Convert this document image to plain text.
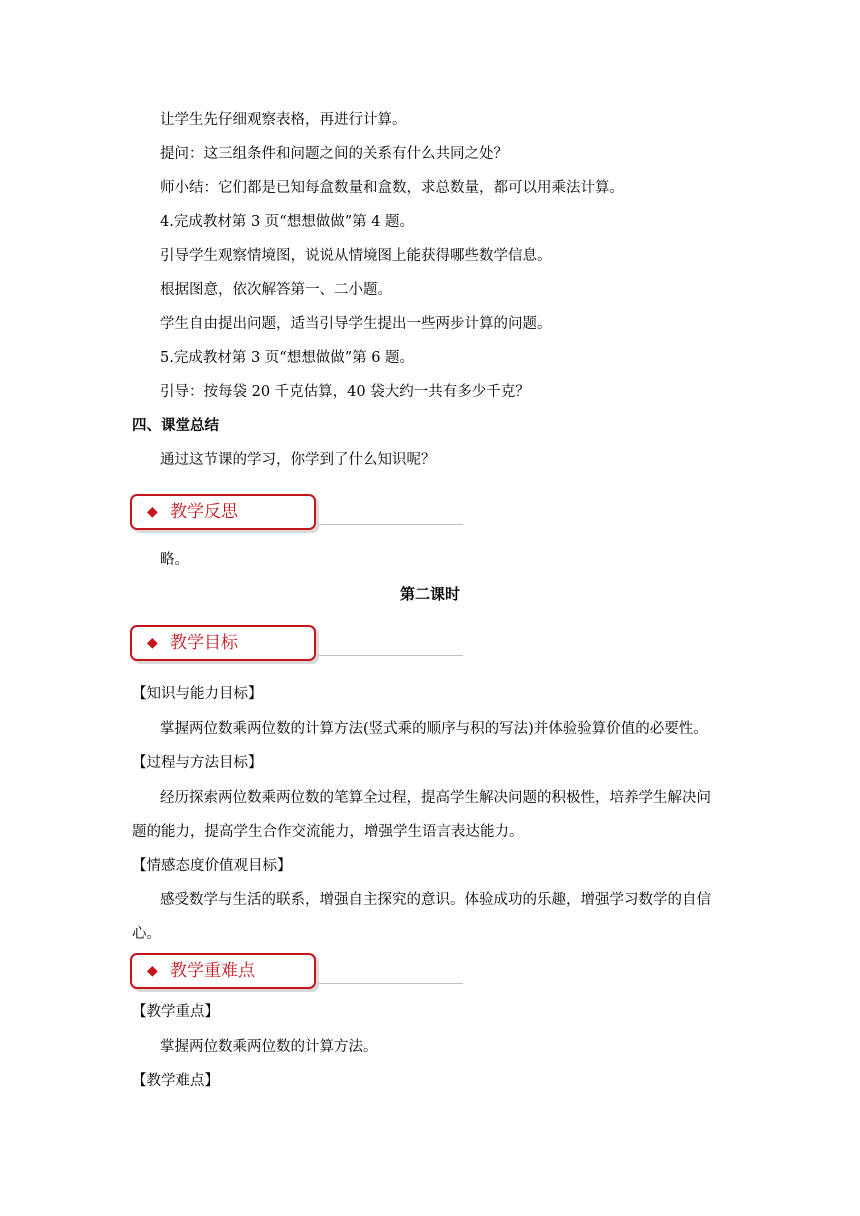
让学生先仔细观察表格，再进行计算。
提问：这三组条件和问题之间的关系有什么共同之处？
师小结：它们都是已知每盒数量和盒数，求总数量，都可以用乘法计算。
4.完成教材第 3 页“想想做做”第 4 题。
引导学生观察情境图，说说从情境图上能获得哪些数学信息。
根据图意，依次解答第一、二小题。
学生自由提出问题，适当引导学生提出一些两步计算的问题。
5.完成教材第 3 页“想想做做”第 6 题。
引导：按每袋 20 千克估算，40 袋大约一共有多少千克？
四、课堂总结
通过这节课的学习，你学到了什么知识呢？
◆ 教学反思
略。
第二课时
◆ 教学目标
【知识与能力目标】
掌握两位数乘两位数的计算方法(竖式乘的顺序与积的写法)并体验验算价值的必要性。
【过程与方法目标】
经历探索两位数乘两位数的笔算全过程，提高学生解决问题的积极性，培养学生解决问
题的能力，提高学生合作交流能力，增强学生语言表达能力。
【情感态度价值观目标】
感受数学与生活的联系，增强自主探究的意识。体验成功的乐趣，增强学习数学的自信
心。
◆ 教学重难点
【教学重点】
掌握两位数乘两位数的计算方法。
【教学难点】
